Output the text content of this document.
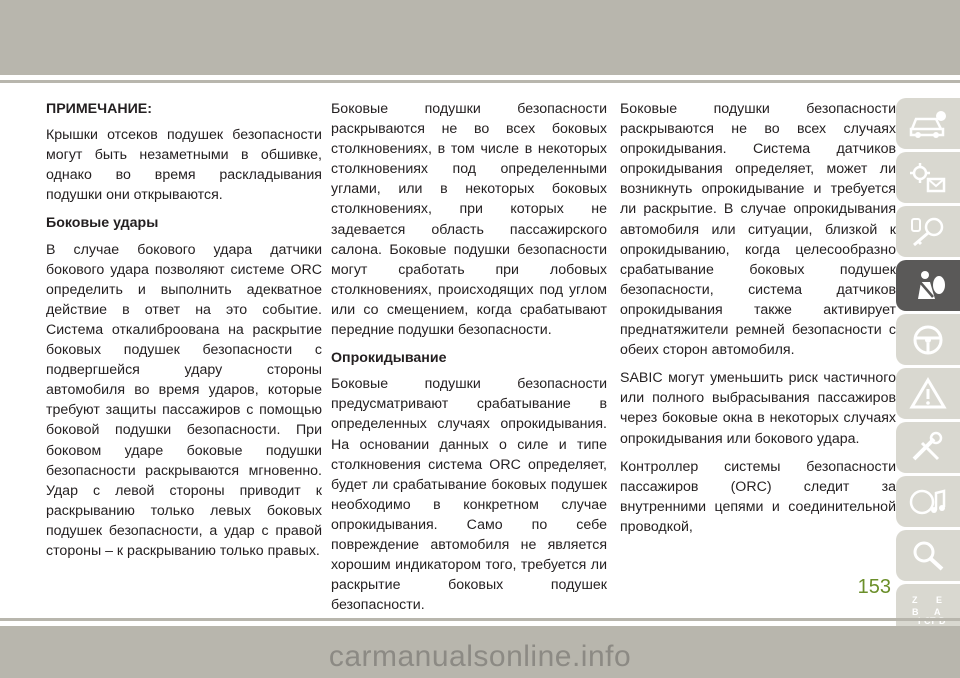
ПРИМЕЧАНИЕ:

Крышки отсеков подушек безопасности могут быть незаметными в обшивке, однако во время раскладывания подушки они открываются.

Боковые удары

В случае бокового удара датчики бокового удара позволяют системе ORC определить и выполнить адекватное действие в ответ на это событие. Система откалиброована на раскрытие боковых подушек безопасности с подвергшейся удару стороны автомобиля во время ударов, которые требуют защиты пассажиров с помощью боковой подушки безопасности. При боковом ударе боковые подушки безопасности раскрываются мгновенно. Удар с левой стороны приводит к раскрыванию только левых боковых подушек безопасности, а удар с правой стороны – к раскрыванию только правых.

Боковые подушки безопасности раскрываются не во всех боковых столкновениях, в том числе в некоторых столкновениях под определенными углами, или в некоторых боковых столкновениях, при которых не задевается область пассажирского салона. Боковые подушки безопасности могут сработать при лобовых столкновениях, происходящих под углом или со смещением, когда срабатывают передние подушки безопасности.

Опрокидывание

Боковые подушки безопасности предусматривают срабатывание в определенных случаях опрокидывания. На основании данных о силе и типе столкновения система ORC определяет, будет ли срабатывание боковых подушек необходимо в конкретном случае опрокидывания. Само по себе повреждение автомобиля не является хорошим индикатором того, требуется ли раскрытие боковых подушек безопасности.

Боковые подушки безопасности раскрываются не во всех случаях опрокидывания. Система датчиков опрокидывания определяет, может ли возникнуть опрокидывание и требуется ли раскрытие. В случае опрокидывания автомобиля или ситуации, близкой к опрокидыванию, когда целесообразно срабатывание боковых подушек безопасности, система датчиков опрокидывания также активирует преднатяжители ремней безопасности с обеих сторон автомобиля.

SABIC могут уменьшить риск частичного или полного выбрасывания пассажиров через боковые окна в некоторых случаях опрокидывания или бокового удара.

Контроллер системы безопасности пассажиров (ORC) следит за внутренними цепями и соединительной проводкой,

Z E
B A
153
carmanualsonline.info
